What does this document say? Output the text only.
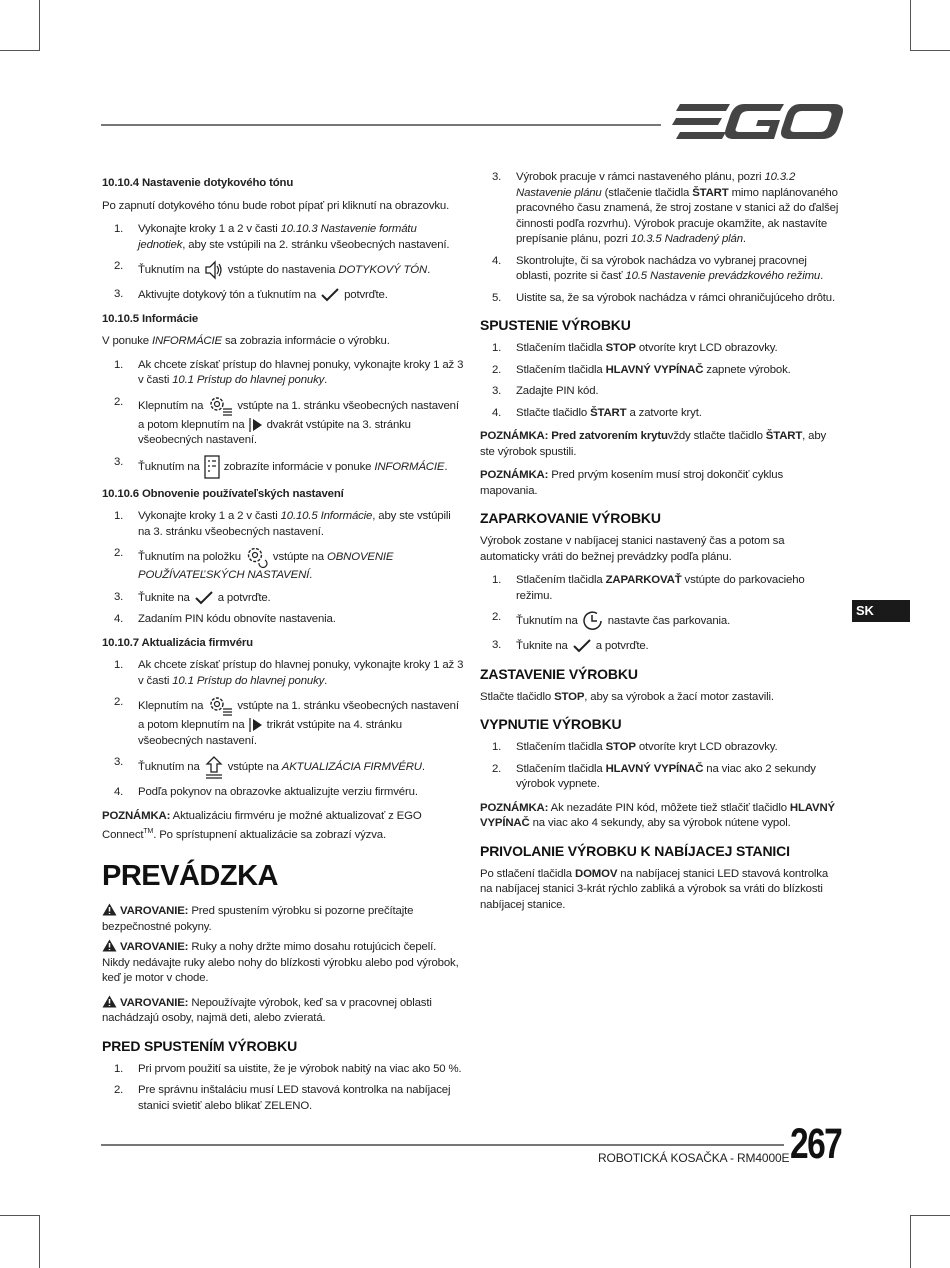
10.10.4 Nastavenie dotykového tónu

Po zapnutí dotykového tónu bude robot pípať pri kliknutí na obrazovku.

1. Vykonajte kroky 1 a 2 v časti 10.10.3 Nastavenie formátu jednotiek, aby ste vstúpili na 2. stránku všeobecných nastavení.
2. Ťuknutím na  vstúpte do nastavenia DOTYKOVÝ TÓN.
3. Aktivujte dotykový tón a ťuknutím na  potvrďte.
10.10.5 Informácie

V ponuke INFORMÁCIE sa zobrazia informácie o výrobku.

1. Ak chcete získať prístup do hlavnej ponuky, vykonajte kroky 1 až 3 v časti 10.1 Prístup do hlavnej ponuky.
2. Klepnutím na  vstúpte na 1. stránku všeobecných nastavení a potom klepnutím na  dvakrát vstúpite na 3. stránku všeobecných nastavení.
3. Ťuknutím na  zobrazíte informácie v ponuke INFORMÁCIE.
10.10.6 Obnovenie používateľských nastavení
1. Vykonajte kroky 1 a 2 v časti 10.10.5 Informácie, aby ste vstúpili na 3. stránku všeobecných nastavení.
2. Ťuknutím na položku  vstúpte na OBNOVENIE POUŽÍVATEĽSKÝCH NASTAVENÍ.
3. Ťuknite na  a potvrďte.
4. Zadaním PIN kódu obnovíte nastavenia.
10.10.7 Aktualizácia firmvéru
1. Ak chcete získať prístup do hlavnej ponuky, vykonajte kroky 1 až 3 v časti 10.1 Prístup do hlavnej ponuky.
2. Klepnutím na  vstúpte na 1. stránku všeobecných nastavení a potom klepnutím na  trikrát vstúpite na 4. stránku všeobecných nastavení.
3. Ťuknutím na  vstúpte na AKTUALIZÁCIA FIRMVÉRU.
4. Podľa pokynov na obrazovke aktualizujte verziu firmvéru.

POZNÁMKA: Aktualizáciu firmvéru je možné aktualizovať z EGO Connect™. Po sprístupnení aktualizácie sa zobrazí výzva.

PREVÁDZKA

VAROVANIE: Pred spustením výrobku si pozorne prečítajte bezpečnostné pokyny.

VAROVANIE: Ruky a nohy držte mimo dosahu rotujúcich čepelí. Nikdy nedávajte ruky alebo nohy do blízkosti výrobku alebo pod výrobok, keď je motor v chode.

VAROVANIE: Nepoužívajte výrobok, keď sa v pracovnej oblasti nachádzajú osoby, najmä deti, alebo zvieratá.

PRED SPUSTENÍM VÝROBKU
1. Pri prvom použití sa uistite, že je výrobok nabitý na viac ako 50 %.
2. Pre správnu inštaláciu musí LED stavová kontrolka na nabíjacej stanici svietiť alebo blikať ZELENO.
3. Výrobok pracuje v rámci nastaveného plánu, pozri 10.3.2 Nastavenie plánu (stlačenie tlačidla ŠTART mimo naplánovaného pracovného času znamená, že stroj zostane v stanici až do ďalšej činnosti podľa rozvrhu). Výrobok pracuje okamžite, ak nastavíte prepísanie plánu, pozri 10.3.5 Nadradený plán.
4. Skontrolujte, či sa výrobok nachádza vo vybranej pracovnej oblasti, pozrite si časť 10.5 Nastavenie prevádzkového režimu.
5. Uistite sa, že sa výrobok nachádza v rámci ohraničujúceho drôtu.
SPUSTENIE VÝROBKU
1. Stlačením tlačidla STOP otvoríte kryt LCD obrazovky.
2. Stlačením tlačidla HLAVNÝ VYPÍNAČ zapnete výrobok.
3. Zadajte PIN kód.
4. Stlačte tlačidlo ŠTART a zatvorte kryt.

POZNÁMKA: Pred zatvorením krytuvždy stlačte tlačidlo ŠTART, aby ste výrobok spustili.

POZNÁMKA: Pred prvým kosením musí stroj dokončiť cyklus mapovania.

ZAPARKOVANIE VÝROBKU

Výrobok zostane v nabíjacej stanici nastavený čas a potom sa automaticky vráti do bežnej prevádzky podľa plánu.

1. Stlačením tlačidla ZAPARKOVAŤ vstúpte do parkovacieho režimu.
2. Ťuknutím na  nastavte čas parkovania.
3. Ťuknite na  a potvrďte.
ZASTAVENIE VÝROBKU

Stlačte tlačidlo STOP, aby sa výrobok a žací motor zastavili.

VYPNUTIE VÝROBKU
1. Stlačením tlačidla STOP otvoríte kryt LCD obrazovky.
2. Stlačením tlačidla HLAVNÝ VYPÍNAČ na viac ako 2 sekundy výrobok vypnete.

POZNÁMKA: Ak nezadáte PIN kód, môžete tiež stlačiť tlačidlo HLAVNÝ VYPÍNAČ na viac ako 4 sekundy, aby sa výrobok nútene vypol.

PRIVOLANIE VÝROBKU K NABÍJACEJ STANICI

Po stlačení tlačidla DOMOV na nabíjacej stanici LED stavová kontrolka na nabíjacej stanici 3-krát rýchlo zabliká a výrobok sa vráti do blízkosti nabíjacej stanice.

SK
ROBOTICKÁ KOSAČKA - RM4000E 267
